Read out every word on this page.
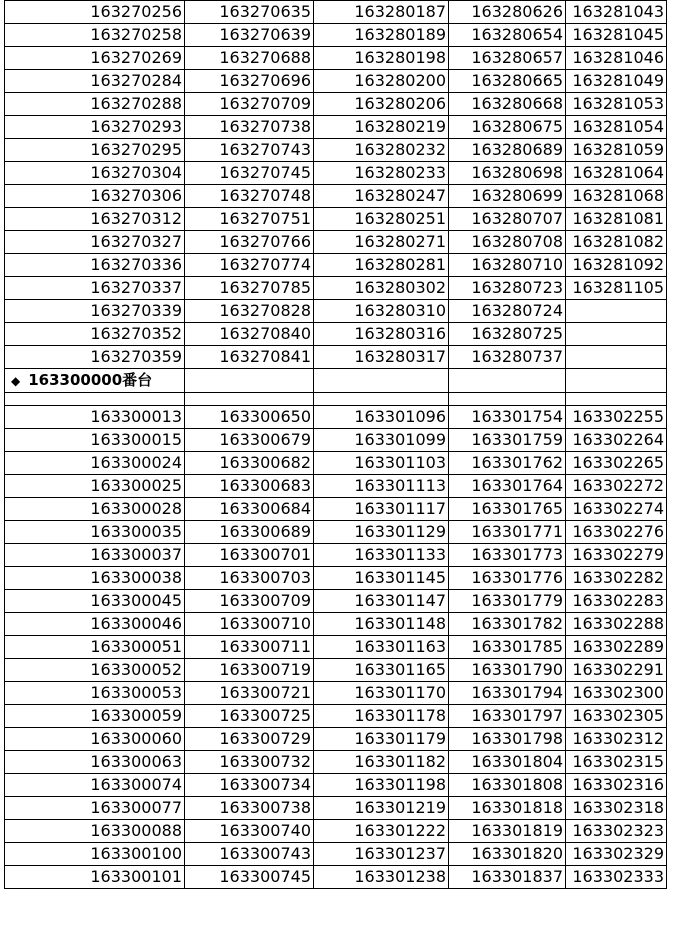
163270256	163270635	163280187	163280626	163281043
163270258	163270639	163280189	163280654	163281045
163270269	163270688	163280198	163280657	163281046
163270284	163270696	163280200	163280665	163281049
163270288	163270709	163280206	163280668	163281053
163270293	163270738	163280219	163280675	163281054
163270295	163270743	163280232	163280689	163281059
163270304	163270745	163280233	163280698	163281064
163270306	163270748	163280247	163280699	163281068
163270312	163270751	163280251	163280707	163281081
163270327	163270766	163280271	163280708	163281082
163270336	163270774	163280281	163280710	163281092
163270337	163270785	163280302	163280723	163281105
163270339	163270828	163280310	163280724	
163270352	163270840	163280316	163280725	
163270359	163270841	163280317	163280737	
◆ 163300000番台				

163300013	163300650	163301096	163301754	163302255
163300015	163300679	163301099	163301759	163302264
163300024	163300682	163301103	163301762	163302265
163300025	163300683	163301113	163301764	163302272
163300028	163300684	163301117	163301765	163302274
163300035	163300689	163301129	163301771	163302276
163300037	163300701	163301133	163301773	163302279
163300038	163300703	163301145	163301776	163302282
163300045	163300709	163301147	163301779	163302283
163300046	163300710	163301148	163301782	163302288
163300051	163300711	163301163	163301785	163302289
163300052	163300719	163301165	163301790	163302291
163300053	163300721	163301170	163301794	163302300
163300059	163300725	163301178	163301797	163302305
163300060	163300729	163301179	163301798	163302312
163300063	163300732	163301182	163301804	163302315
163300074	163300734	163301198	163301808	163302316
163300077	163300738	163301219	163301818	163302318
163300088	163300740	163301222	163301819	163302323
163300100	163300743	163301237	163301820	163302329
163300101	163300745	163301238	163301837	163302333
